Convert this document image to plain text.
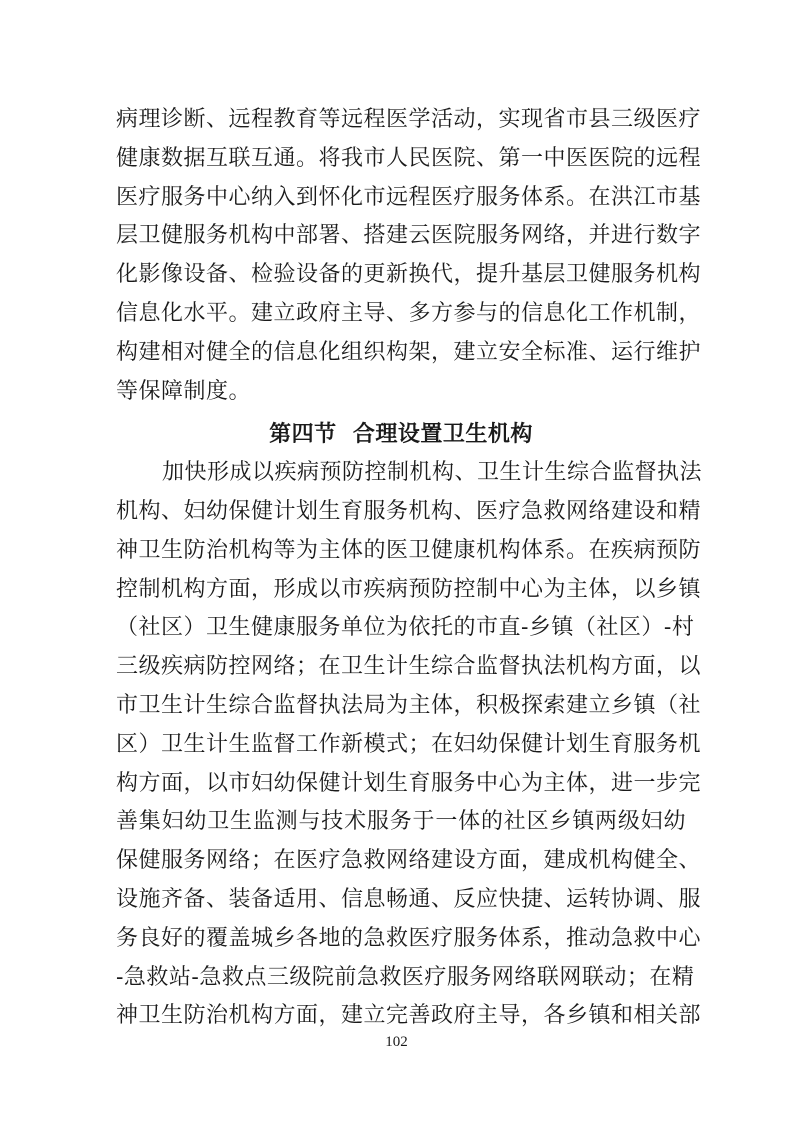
病理诊断、远程教育等远程医学活动，实现省市县三级医疗
健康数据互联互通。将我市人民医院、第一中医医院的远程
医疗服务中心纳入到怀化市远程医疗服务体系。在洪江市基
层卫健服务机构中部署、搭建云医院服务网络，并进行数字
化影像设备、检验设备的更新换代，提升基层卫健服务机构
信息化水平。建立政府主导、多方参与的信息化工作机制，
构建相对健全的信息化组织构架，建立安全标准、运行维护
等保障制度。
第四节  合理设置卫生机构
加快形成以疾病预防控制机构、卫生计生综合监督执法
机构、妇幼保健计划生育服务机构、医疗急救网络建设和精
神卫生防治机构等为主体的医卫健康机构体系。在疾病预防
控制机构方面，形成以市疾病预防控制中心为主体，以乡镇
（社区）卫生健康服务单位为依托的市直-乡镇（社区）-村
三级疾病防控网络；在卫生计生综合监督执法机构方面，以
市卫生计生综合监督执法局为主体，积极探索建立乡镇（社
区）卫生计生监督工作新模式；在妇幼保健计划生育服务机
构方面，以市妇幼保健计划生育服务中心为主体，进一步完
善集妇幼卫生监测与技术服务于一体的社区乡镇两级妇幼
保健服务网络；在医疗急救网络建设方面，建成机构健全、
设施齐备、装备适用、信息畅通、反应快捷、运转协调、服
务良好的覆盖城乡各地的急救医疗服务体系，推动急救中心
102
-急救站-急救点三级院前急救医疗服务网络联网联动；在精
神卫生防治机构方面，建立完善政府主导，各乡镇和相关部
